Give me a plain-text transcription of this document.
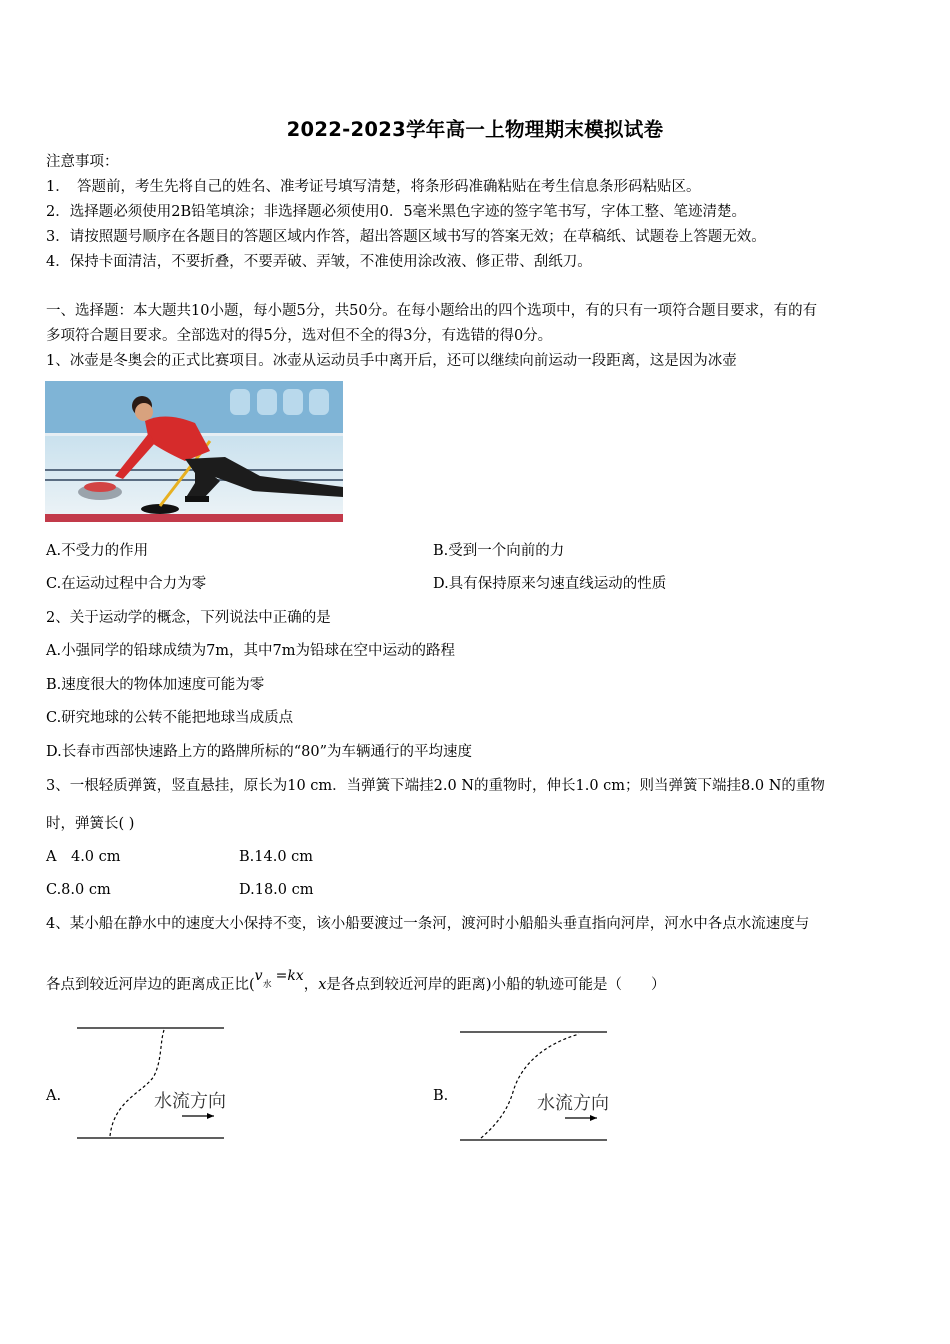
2022-2023学年高一上物理期末模拟试卷
注意事项：
1．　答题前，考生先将自己的姓名、准考证号填写清楚，将条形码准确粘贴在考生信息条形码粘贴区。
2．选择题必须使用2B铅笔填涂；非选择题必须使用0．5毫米黑色字迹的签字笔书写，字体工整、笔迹清楚。
3．请按照题号顺序在各题目的答题区域内作答，超出答题区域书写的答案无效；在草稿纸、试题卷上答题无效。
4．保持卡面清洁，不要折叠，不要弄破、弄皱，不准使用涂改液、修正带、刮纸刀。
一、选择题：本大题共10小题，每小题5分，共50分。在每小题给出的四个选项中，有的只有一项符合题目要求，有的有
多项符合题目要求。全部选对的得5分，选对但不全的得3分，有选错的得0分。
1、冰壶是冬奥会的正式比赛项目。冰壶从运动员手中离开后，还可以继续向前运动一段距离，这是因为冰壶
A.不受力的作用	B.受到一个向前的力
C.在运动过程中合力为零	D.具有保持原来匀速直线运动的性质
2、关于运动学的概念，下列说法中正确的是
A.小强同学的铅球成绩为7m，其中7m为铅球在空中运动的路程
B.速度很大的物体加速度可能为零
C.研究地球的公转不能把地球当成质点
D.长春市西部快速路上方的路牌所标的“80”为车辆通行的平均速度
3、一根轻质弹簧，竖直悬挂，原长为10 cm．当弹簧下端挂2.0 N的重物时，伸长1.0 cm；则当弹簧下端挂8.0 N的重物
时，弹簧长( )
A　4.0 cm	B.14.0 cm
C.8.0 cm	D.18.0 cm
4、某小船在静水中的速度大小保持不变，该小船要渡过一条河，渡河时小船船头垂直指向河岸，河水中各点水流速度与
各点到较近河岸边的距离成正比(v水=kx，x是各点到较近河岸的距离)小船的轨迹可能是（　　）
A.	B.
水流方向	水流方向
